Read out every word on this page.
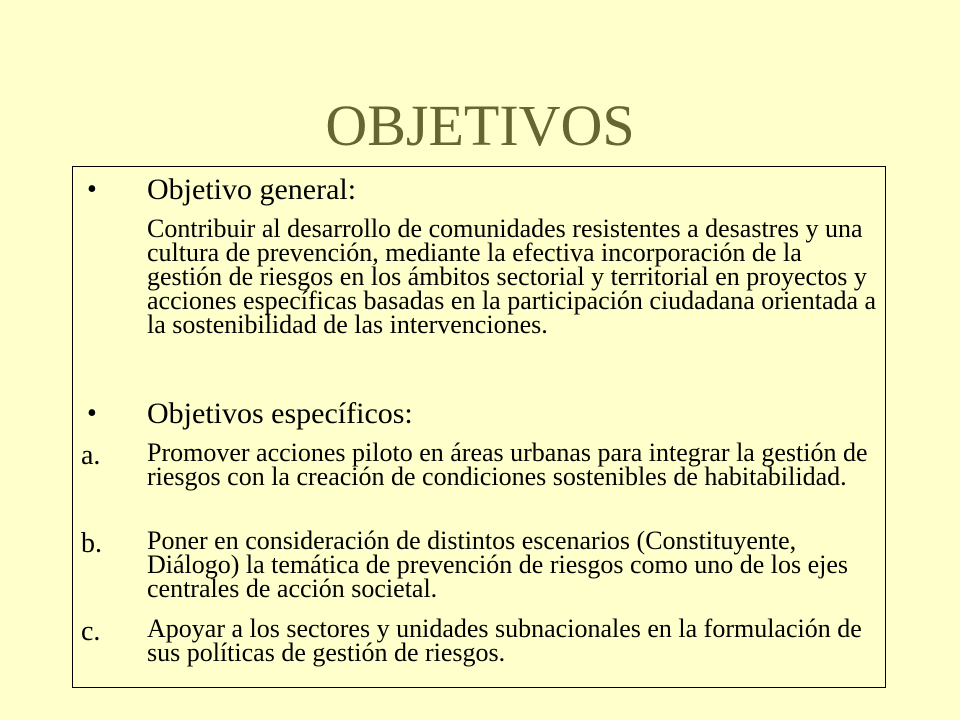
OBJETIVOS
• Objetivo general:
Contribuir al desarrollo de comunidades resistentes a desastres y una cultura de prevención, mediante la efectiva incorporación de la gestión de riesgos en los ámbitos sectorial y territorial en proyectos y acciones específicas basadas en la participación ciudadana orientada a la sostenibilidad de las intervenciones.
• Objetivos específicos:
a. Promover acciones piloto en áreas urbanas para integrar la gestión de riesgos con la creación de condiciones sostenibles de habitabilidad.
b. Poner en consideración de distintos escenarios (Constituyente, Diálogo) la temática de prevención de riesgos como uno de los ejes centrales de acción societal.
c. Apoyar a los sectores y unidades subnacionales en la formulación de sus políticas de gestión de riesgos.
